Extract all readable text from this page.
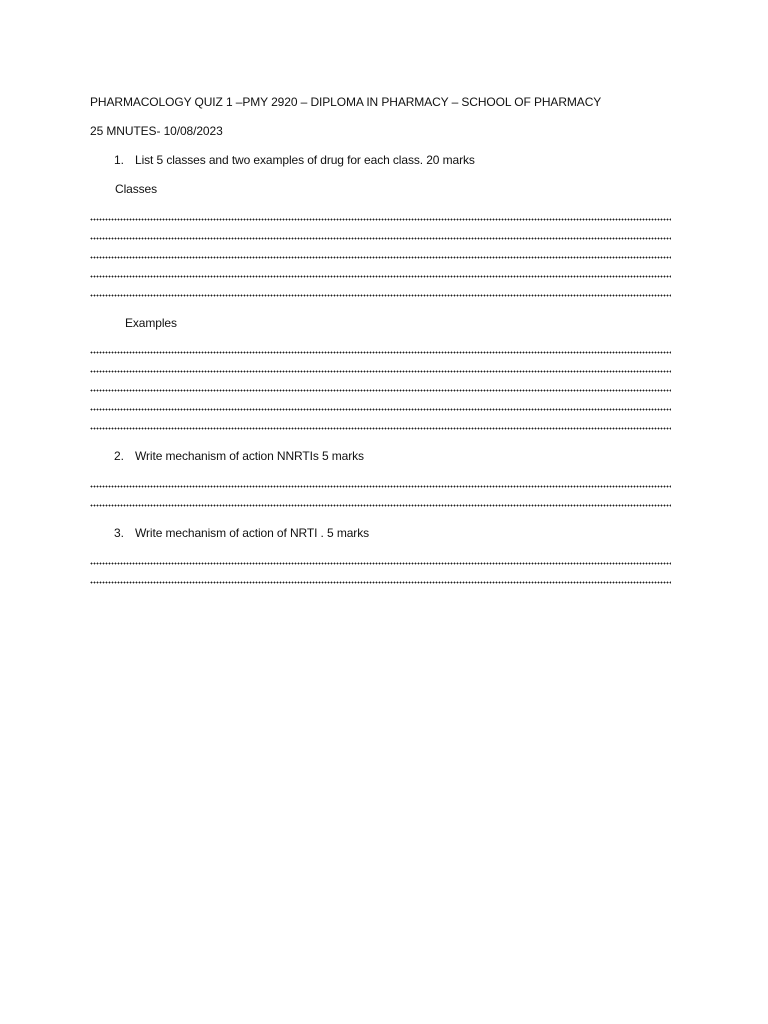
PHARMACOLOGY QUIZ 1 –PMY 2920 – DIPLOMA IN PHARMACY – SCHOOL OF PHARMACY
25 MNUTES- 10/08/2023
1. List 5 classes and two examples of drug for each class. 20 marks
Classes
Examples
2. Write mechanism of action NNRTIs 5 marks
3. Write mechanism of action of NRTI . 5 marks
